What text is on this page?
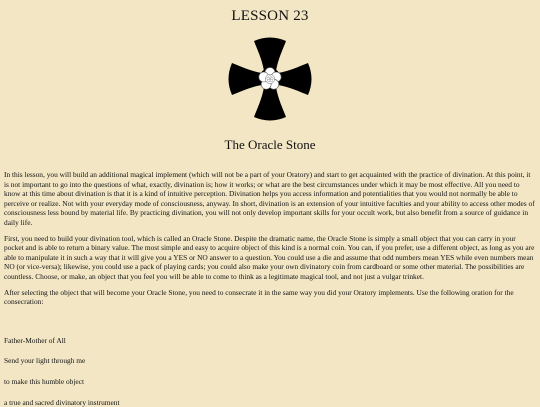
LESSON 23
The Oracle Stone

In this lesson, you will build an additional magical implement (which will not be a part of your Oratory) and start to get acquainted with the practice of divination. At this point, it is not important to go into the questions of what, exactly, divination is; how it works; or what are the best circumstances under which it may be most effective. All you need to know at this time about divination is that it is a kind of intuitive perception. Divination helps you access information and potentialities that you would not normally be able to perceive or realize. Not with your everyday mode of consciousness, anyway. In short, divination is an extension of your intuitive faculties and your ability to access other modes of consciousness less bound by material life. By practicing divination, you will not only develop important skills for your occult work, but also benefit from a source of guidance in daily life.

First, you need to build your divination tool, which is called an Oracle Stone. Despite the dramatic name, the Oracle Stone is simply a small object that you can carry in your pocket and is able to return a binary value. The most simple and easy to acquire object of this kind is a normal coin. You can, if you prefer, use a different object, as long as you are able to manipulate it in such a way that it will give you a YES or NO answer to a question. You could use a die and assume that odd numbers mean YES while even numbers mean NO (or vice-versa); likewise, you could use a pack of playing cards; you could also make your own divinatory coin from cardboard or some other material. The possibilities are countless. Choose, or make, an object that you feel you will be able to come to think as a legitimate magical tool, and not just a vulgar trinket.

After selecting the object that will become your Oracle Stone, you need to consecrate it in the same way you did your Oratory implements. Use the following oration for the consecration:

Father-Mother of All

Send your light through me

to make this humble object

a true and sacred divinatory instrument
